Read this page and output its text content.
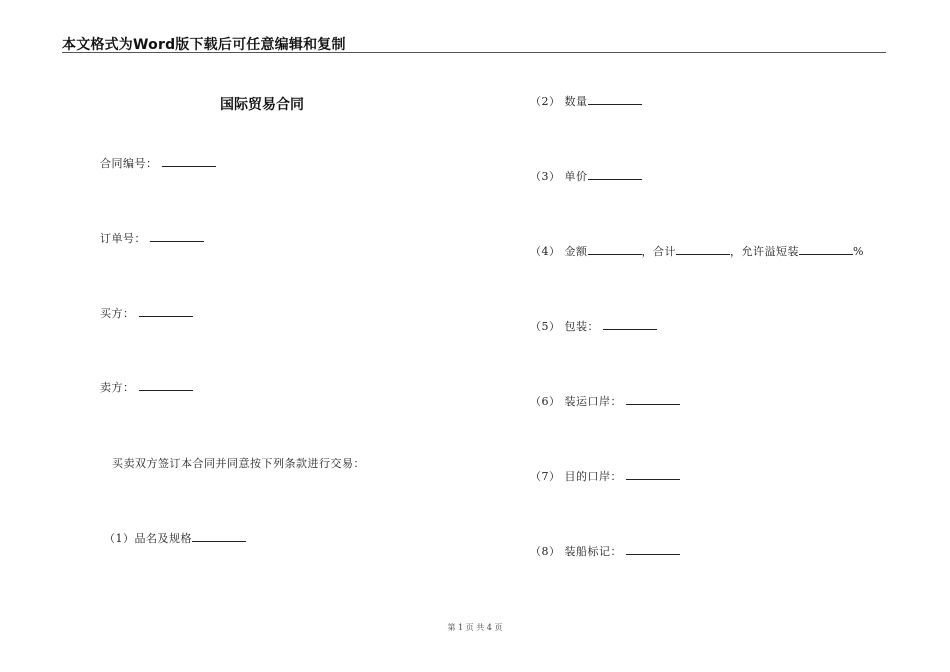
本文格式为Word版下载后可任意编辑和复制
国际贸易合同
合同编号：
订单号：
买方：
卖方：
买卖双方签订本合同并同意按下列条款进行交易：
（1）品名及规格
（2） 数量
（3） 单价
（4） 金额	，合计	，允许溢短装	%
（5） 包装：
（6） 装运口岸：
（7） 目的口岸：
（8） 装船标记：
第 1 页 共 4 页
